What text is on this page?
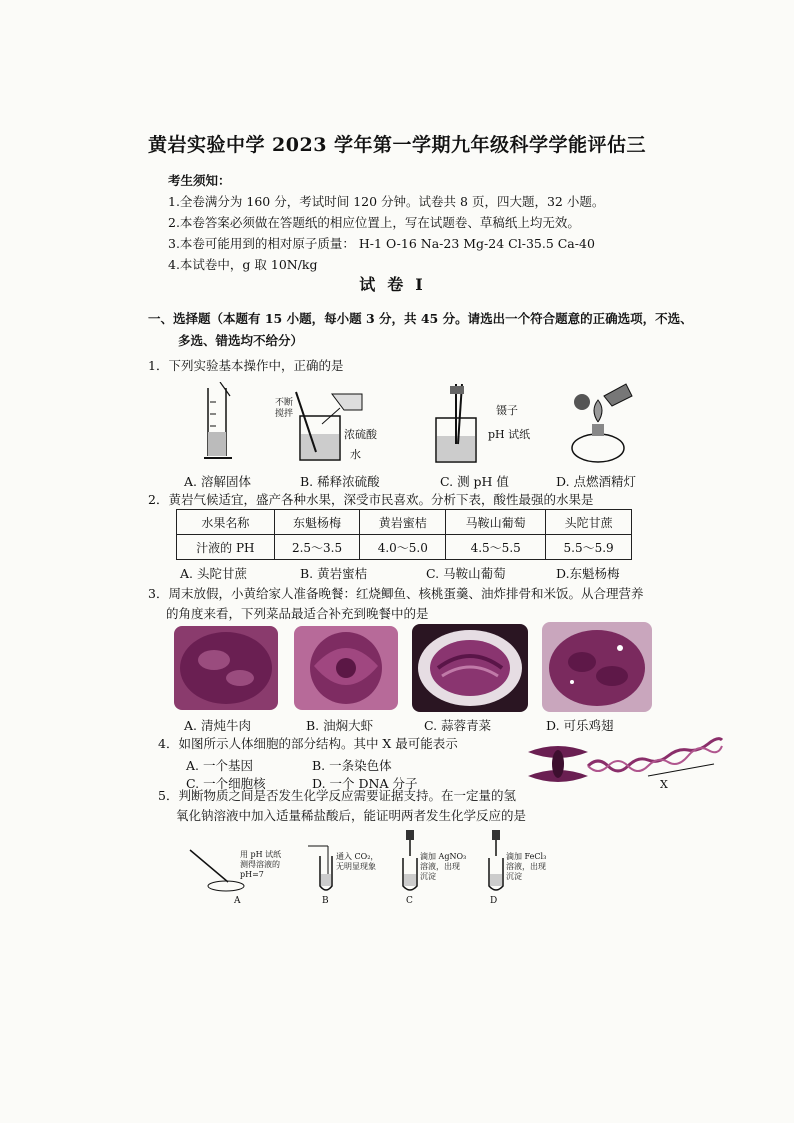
黄岩实验中学 2023 学年第一学期九年级科学学能评估三
考生须知：
1.全卷满分为 160 分，考试时间 120 分钟。试卷共 8 页，四大题，32 小题。
2.本卷答案必须做在答题纸的相应位置上，写在试题卷、草稿纸上均无效。
3.本卷可能用到的相对原子质量： H-1 O-16 Na-23 Mg-24 Cl-35.5 Ca-40
4.本试卷中，g 取 10N/kg
试卷Ⅰ
一、选择题（本题有 15 小题，每小题 3 分，共 45 分。请选出一个符合题意的正确选项，不选、
多选、错选均不给分）
1．下列实验基本操作中，正确的是
不断
搅拌
浓硫酸
水
镊子
pH 试纸
A. 溶解固体	B. 稀释浓硫酸	C. 测 pH 值	D. 点燃酒精灯
2．黄岩气候适宜，盛产各种水果，深受市民喜欢。分析下表，酸性最强的水果是
水果名称	东魁杨梅	黄岩蜜桔	马鞍山葡萄	头陀甘蔗
汁液的 PH	2.5～3.5	4.0～5.0	4.5～5.5	5.5～5.9
A. 头陀甘蔗	B. 黄岩蜜桔	C. 马鞍山葡萄	D.东魁杨梅
3．周末放假，小黄给家人准备晚餐：红烧鲫鱼、核桃蛋羹、油炸排骨和米饭。从合理营养
的角度来看，下列菜品最适合补充到晚餐中的是
A. 清炖牛肉	B. 油焖大虾	C. 蒜蓉青菜	D. 可乐鸡翅
4．如图所示人体细胞的部分结构。其中 X 最可能表示
A. 一个基因	B. 一条染色体
C. 一个细胞核	D. 一个 DNA 分子	X
5．判断物质之间是否发生化学反应需要证据支持。在一定量的氢
氧化钠溶液中加入适量稀盐酸后，能证明两者发生化学反应的是
用 pH 试纸
测得溶液的
pH=7
通入 CO₂，
无明显现象
滴加 AgNO₃
溶液，出现
沉淀
滴加 FeCl₃
溶液，出现
沉淀
A	B	C	D
